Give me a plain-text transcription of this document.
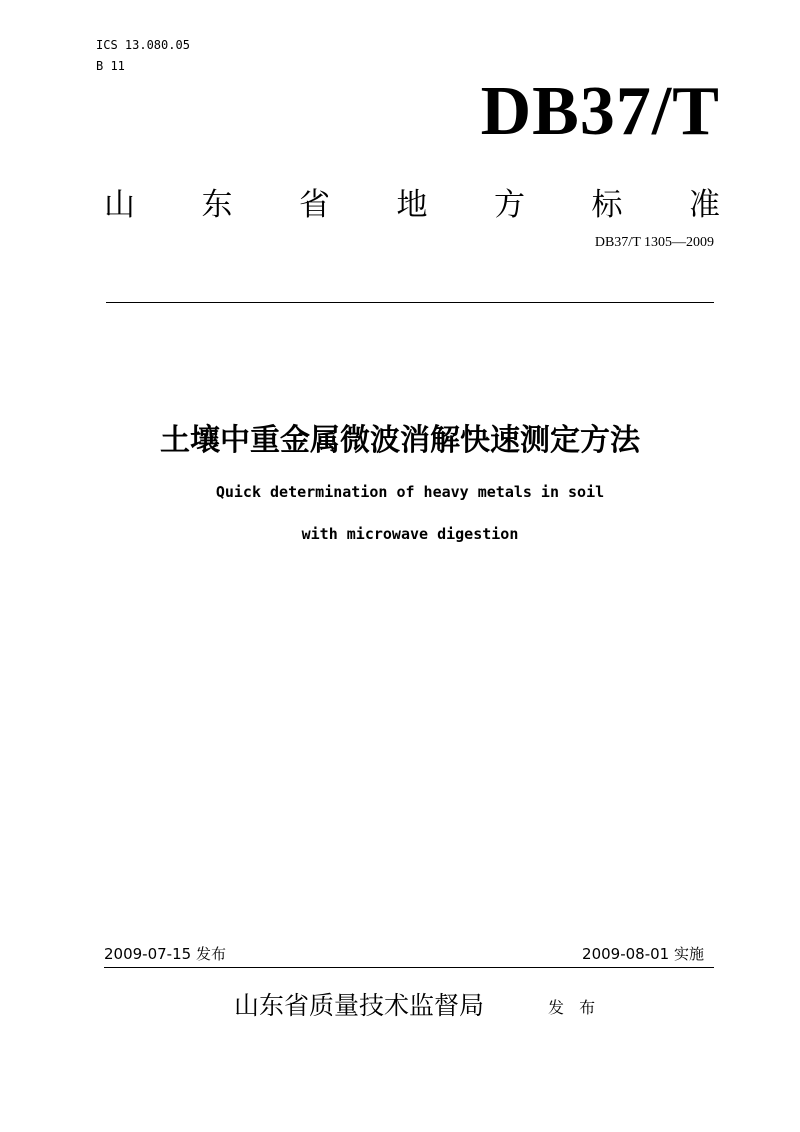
ICS 13.080.05
B 11
DB37/T
山 东 省 地 方 标 准
DB37/T 1305—2009
土壤中重金属微波消解快速测定方法
Quick determination of heavy metals in soil
with microwave digestion
2009-07-15 发布	2009-08-01 实施
山东省质量技术监督局	发 布
